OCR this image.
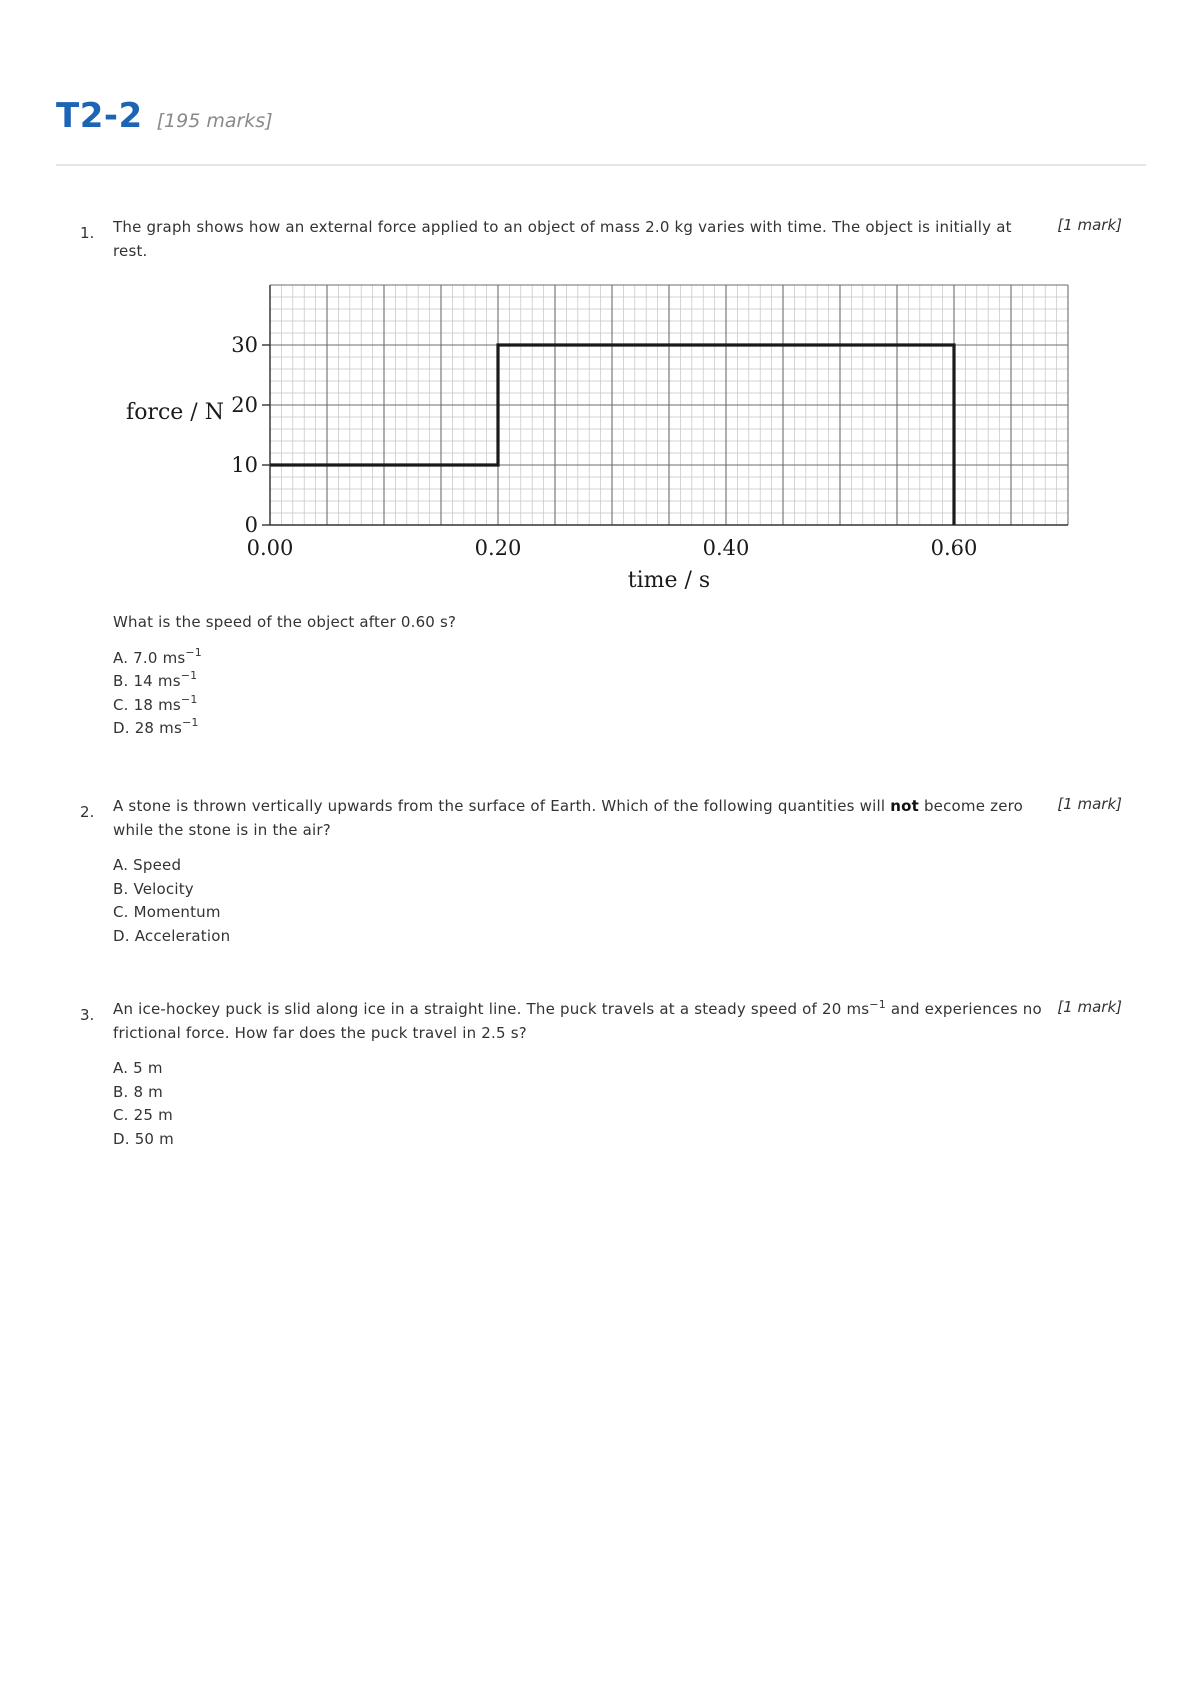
T2-2 [195 marks]
1.	[1 mark]

The graph shows how an external force applied to an object of mass 2.0 kg varies with time. The object is initially at rest.

0
10
20
30
0.00	0.20	0.40	0.60
force / N
time / s

What is the speed of the object after 0.60 s?

A. 7.0 $ms^{-1}$
B. 14 $ms^{-1}$
C. 18 $ms^{-1}$
D. 28 $ms^{-1}$
2.	[1 mark]

A stone is thrown vertically upwards from the surface of Earth. Which of the following quantities will not become zero while the stone is in the air?

A. Speed
B. Velocity
C. Momentum
D. Acceleration
3.	[1 mark]

An ice-hockey puck is slid along ice in a straight line. The puck travels at a steady speed of 20 $ms^{-1}$ and experiences no frictional force. How far does the puck travel in 2.5 s?

A. 5 m
B. 8 m
C. 25 m
D. 50 m
